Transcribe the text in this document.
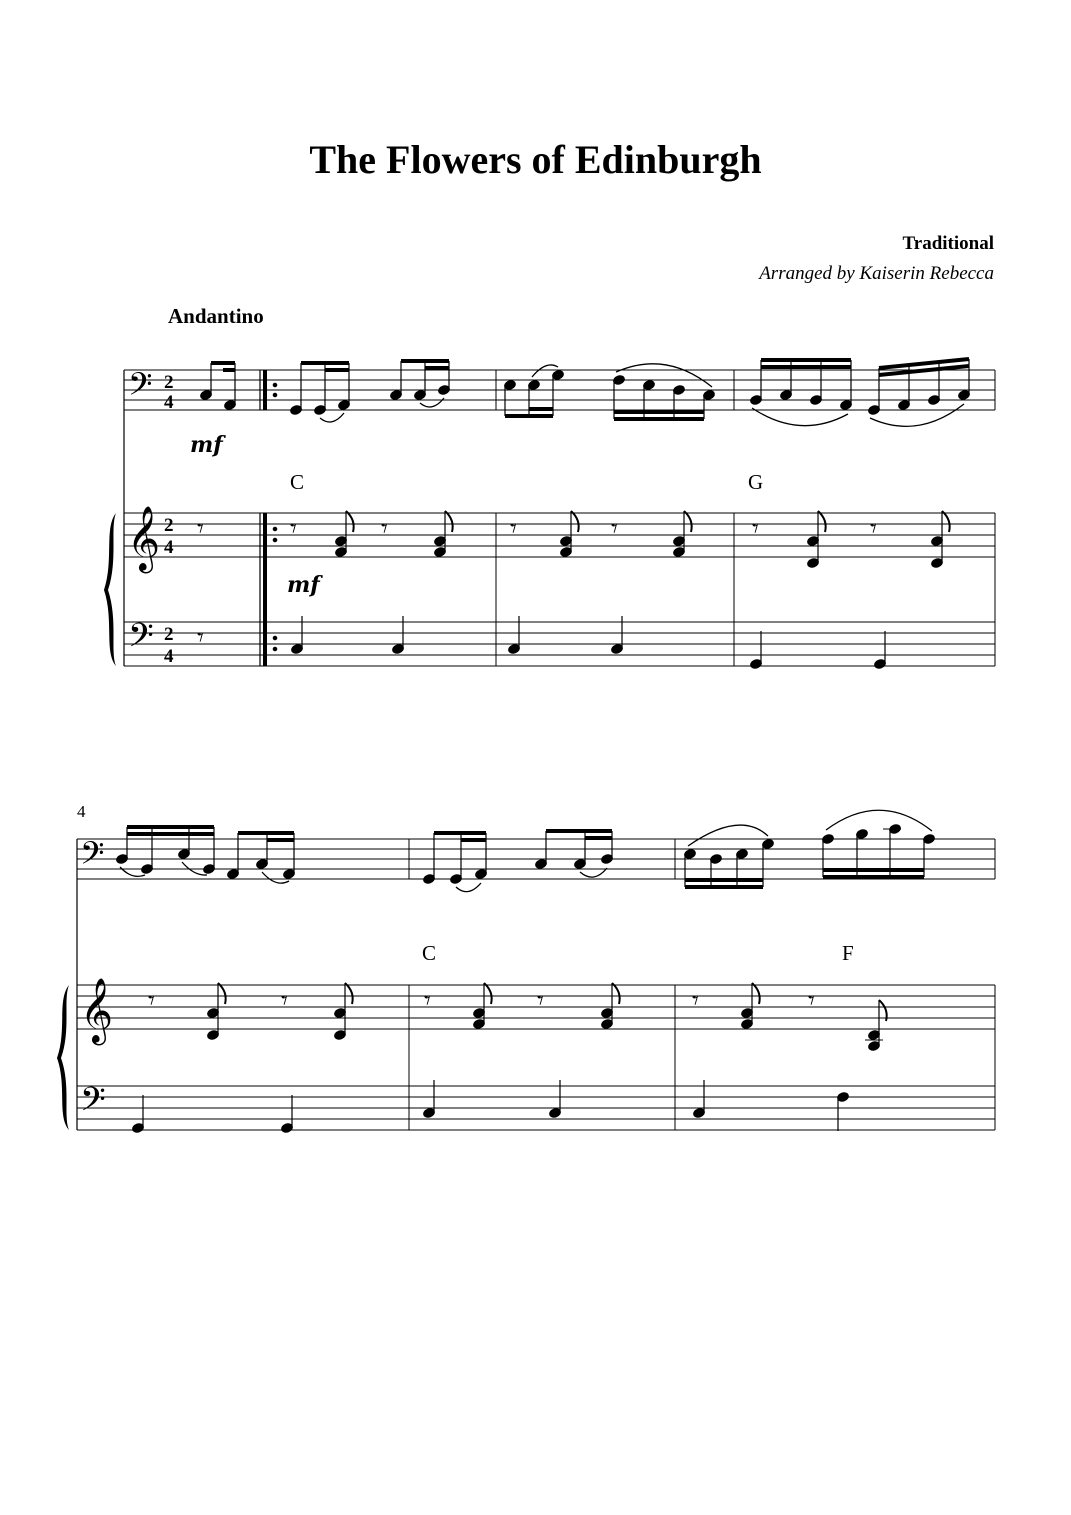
The Flowers of Edinburgh
Traditional
Arranged by Kaiserin Rebecca
Andantino
𝄢
𝄞
𝄢
2
4
2
4
2
4
mf
mf
C	G
𝄾	𝄾	𝄾	𝄾	𝄾	𝄾	𝄾
𝄾
4
𝄢
𝄞
𝄢
C	F
𝄾	𝄾	𝄾	𝄾	𝄾	𝄾
